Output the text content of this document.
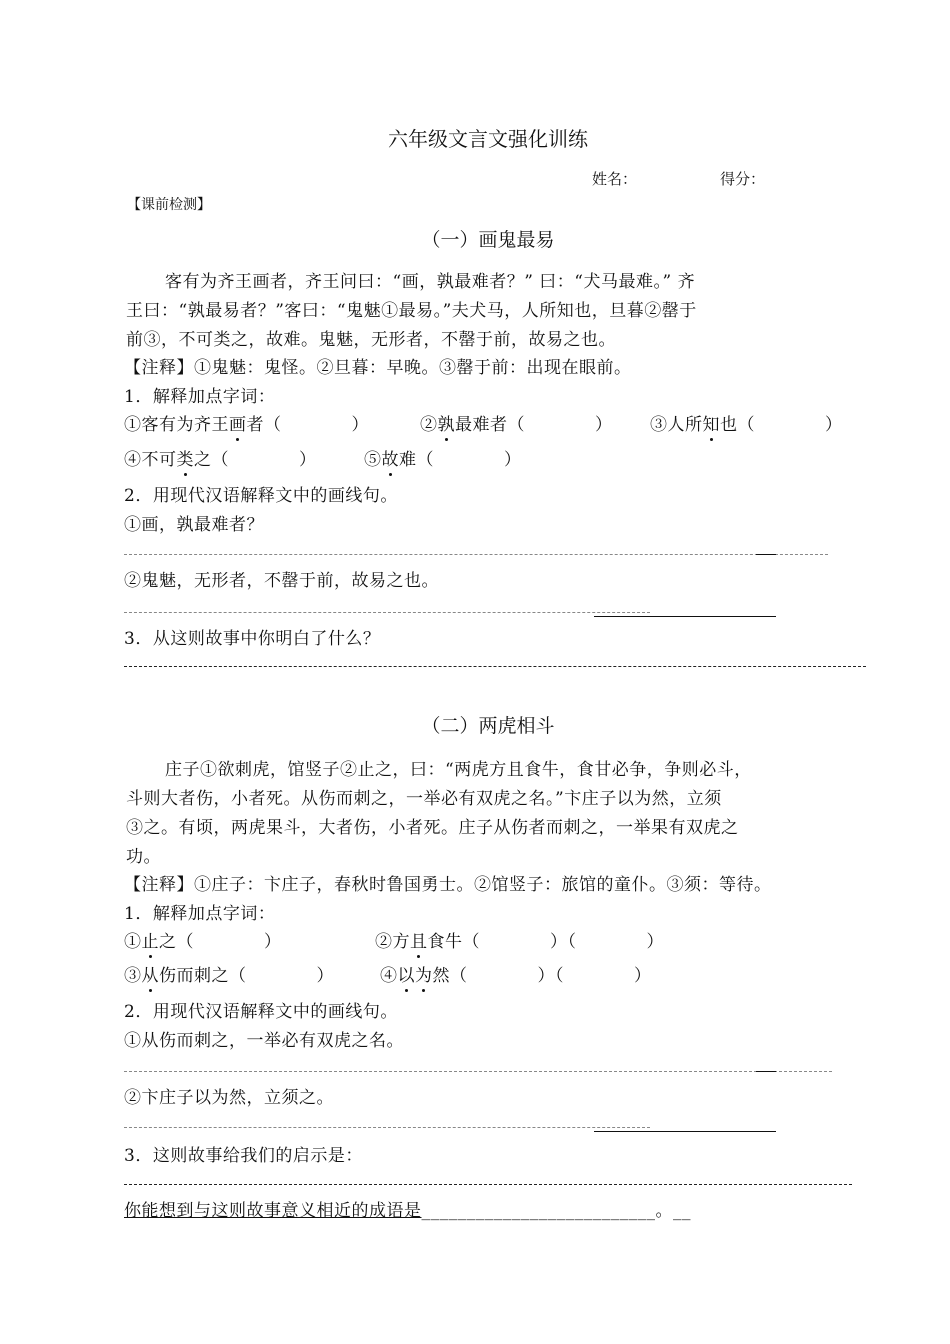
六年级文言文强化训练
姓名：	得分：
【课前检测】
（一）画鬼最易
客有为齐王画者，齐王问曰：“画，孰最难者？” 曰：“犬马最难。” 齐
王曰：“孰最易者？”客曰：“鬼魅①最易。”夫犬马，人所知也，旦暮②罄于
前③，不可类之，故难。鬼魅，无形者，不罄于前，故易之也。
【注释】①鬼魅：鬼怪。②旦暮：早晚。③罄于前：出现在眼前。
1．解释加点字词：
①客有为齐王画者（　　　　）	②孰最难者（　　　　） ③人所知也（　　　　）
④不可类之（　　　　）	⑤故难（　　　　）
2．用现代汉语解释文中的画线句。
①画，孰最难者？
②鬼魅，无形者，不罄于前，故易之也。
3．从这则故事中你明白了什么？
（二）两虎相斗
庄子①欲刺虎，馆竖子②止之，曰：“两虎方且食牛，食甘必争，争则必斗，
斗则大者伤，小者死。从伤而刺之，一举必有双虎之名。”卞庄子以为然，立须
③之。有顷，两虎果斗，大者伤，小者死。庄子从伤者而刺之，一举果有双虎之
功。
【注释】①庄子：卞庄子，春秋时鲁国勇士。②馆竖子：旅馆的童仆。③须：等待。
1．解释加点字词：
①止之（　　　　）	②方且食牛（　　　　）（　　　　）
③从伤而刺之（　　　　）	④以为然（　　　　）（　　　　）
2．用现代汉语解释文中的画线句。
①从伤而刺之，一举必有双虎之名。
②卞庄子以为然，立须之。
3．这则故事给我们的启示是：
你能想到与这则故事意义相近的成语是__________________________。__
